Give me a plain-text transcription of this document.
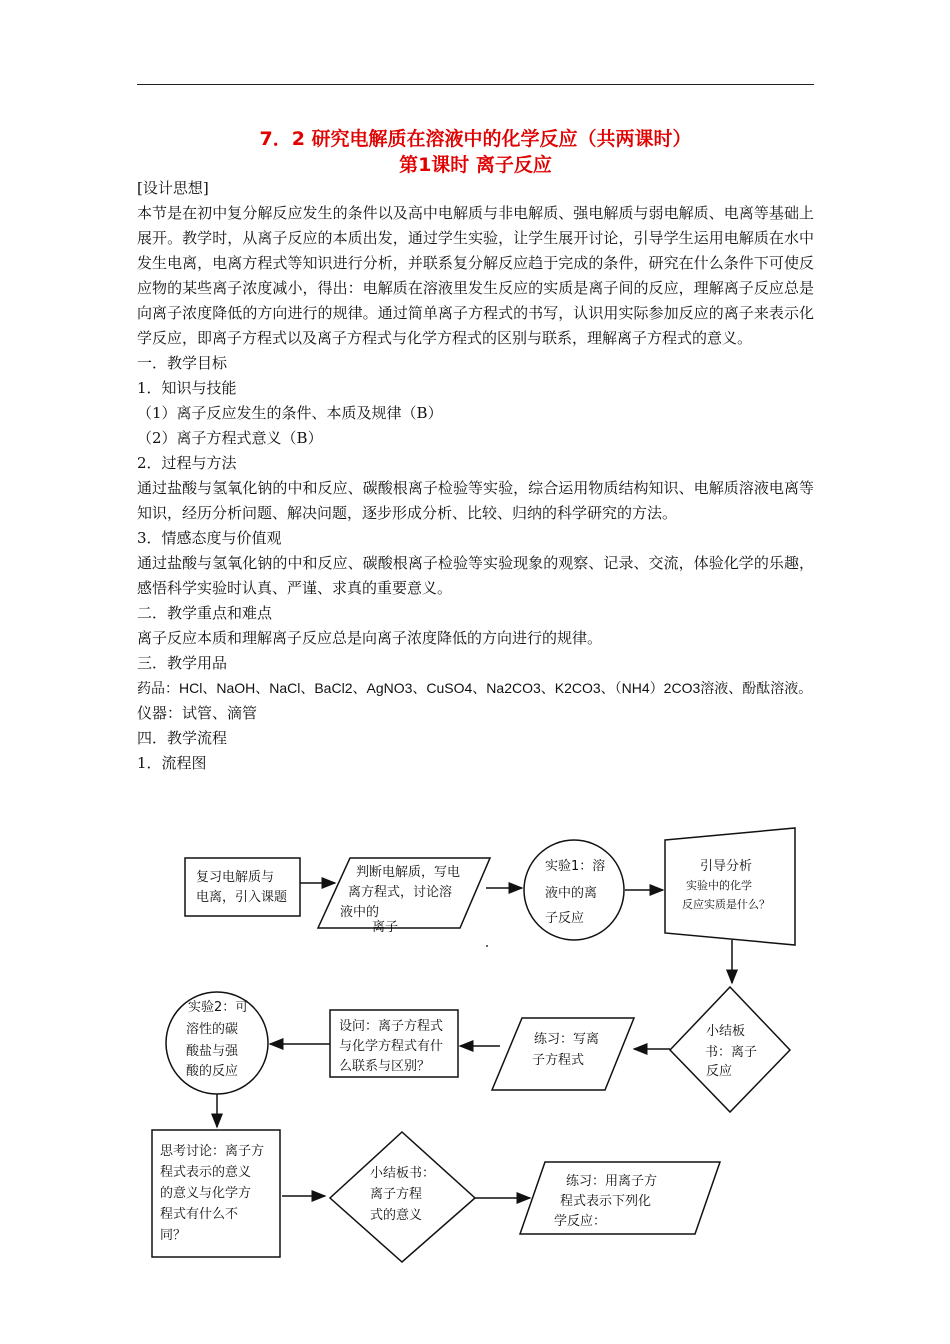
7．2 研究电解质在溶液中的化学反应（共两课时）
第1课时 离子反应

[设计思想]

本节是在初中复分解反应发生的条件以及高中电解质与非电解质、强电解质与弱电解质、电离等基础上展开。教学时，从离子反应的本质出发，通过学生实验，让学生展开讨论，引导学生运用电解质在水中发生电离，电离方程式等知识进行分析，并联系复分解反应趋于完成的条件，研究在什么条件下可使反应物的某些离子浓度减小，得出：电解质在溶液里发生反应的实质是离子间的反应，理解离子反应总是向离子浓度降低的方向进行的规律。通过简单离子方程式的书写，认识用实际参加反应的离子来表示化学反应，即离子方程式以及离子方程式与化学方程式的区别与联系，理解离子方程式的意义。

一．教学目标

1．知识与技能

（1）离子反应发生的条件、本质及规律（B）

（2）离子方程式意义（B）

2．过程与方法

通过盐酸与氢氧化钠的中和反应、碳酸根离子检验等实验，综合运用物质结构知识、电解质溶液电离等知识，经历分析问题、解决问题，逐步形成分析、比较、归纳的科学研究的方法。

3．情感态度与价值观

通过盐酸与氢氧化钠的中和反应、碳酸根离子检验等实验现象的观察、记录、交流，体验化学的乐趣，感悟科学实验时认真、严谨、求真的重要意义。

二．教学重点和难点

离子反应本质和理解离子反应总是向离子浓度降低的方向进行的规律。

三．教学用品

药品：HCl、NaOH、NaCl、BaCl2、AgNO3、CuSO4、Na2CO3、K2CO3、（NH4）2CO3溶液、酚酞溶液。

仪器：试管、滴管

四．教学流程

1．流程图

复习电解质与
电离，引入课题
判断电解质，写电
离方程式，讨论溶
液中的
离子
实验1：溶
液中的离
子反应
引导分析
实验中的化学
反应实质是什么？
小结板
书：离子
反应
练习：写离
子方程式
设问：离子方程式
与化学方程式有什
么联系与区别？
实验2：可
溶性的碳
酸盐与强
酸的反应
思考讨论：离子方
程式表示的意义
的意义与化学方
程式有什么不
同？
小结板书：
离子方程
式的意义
练习：用离子方
程式表示下列化
学反应：
